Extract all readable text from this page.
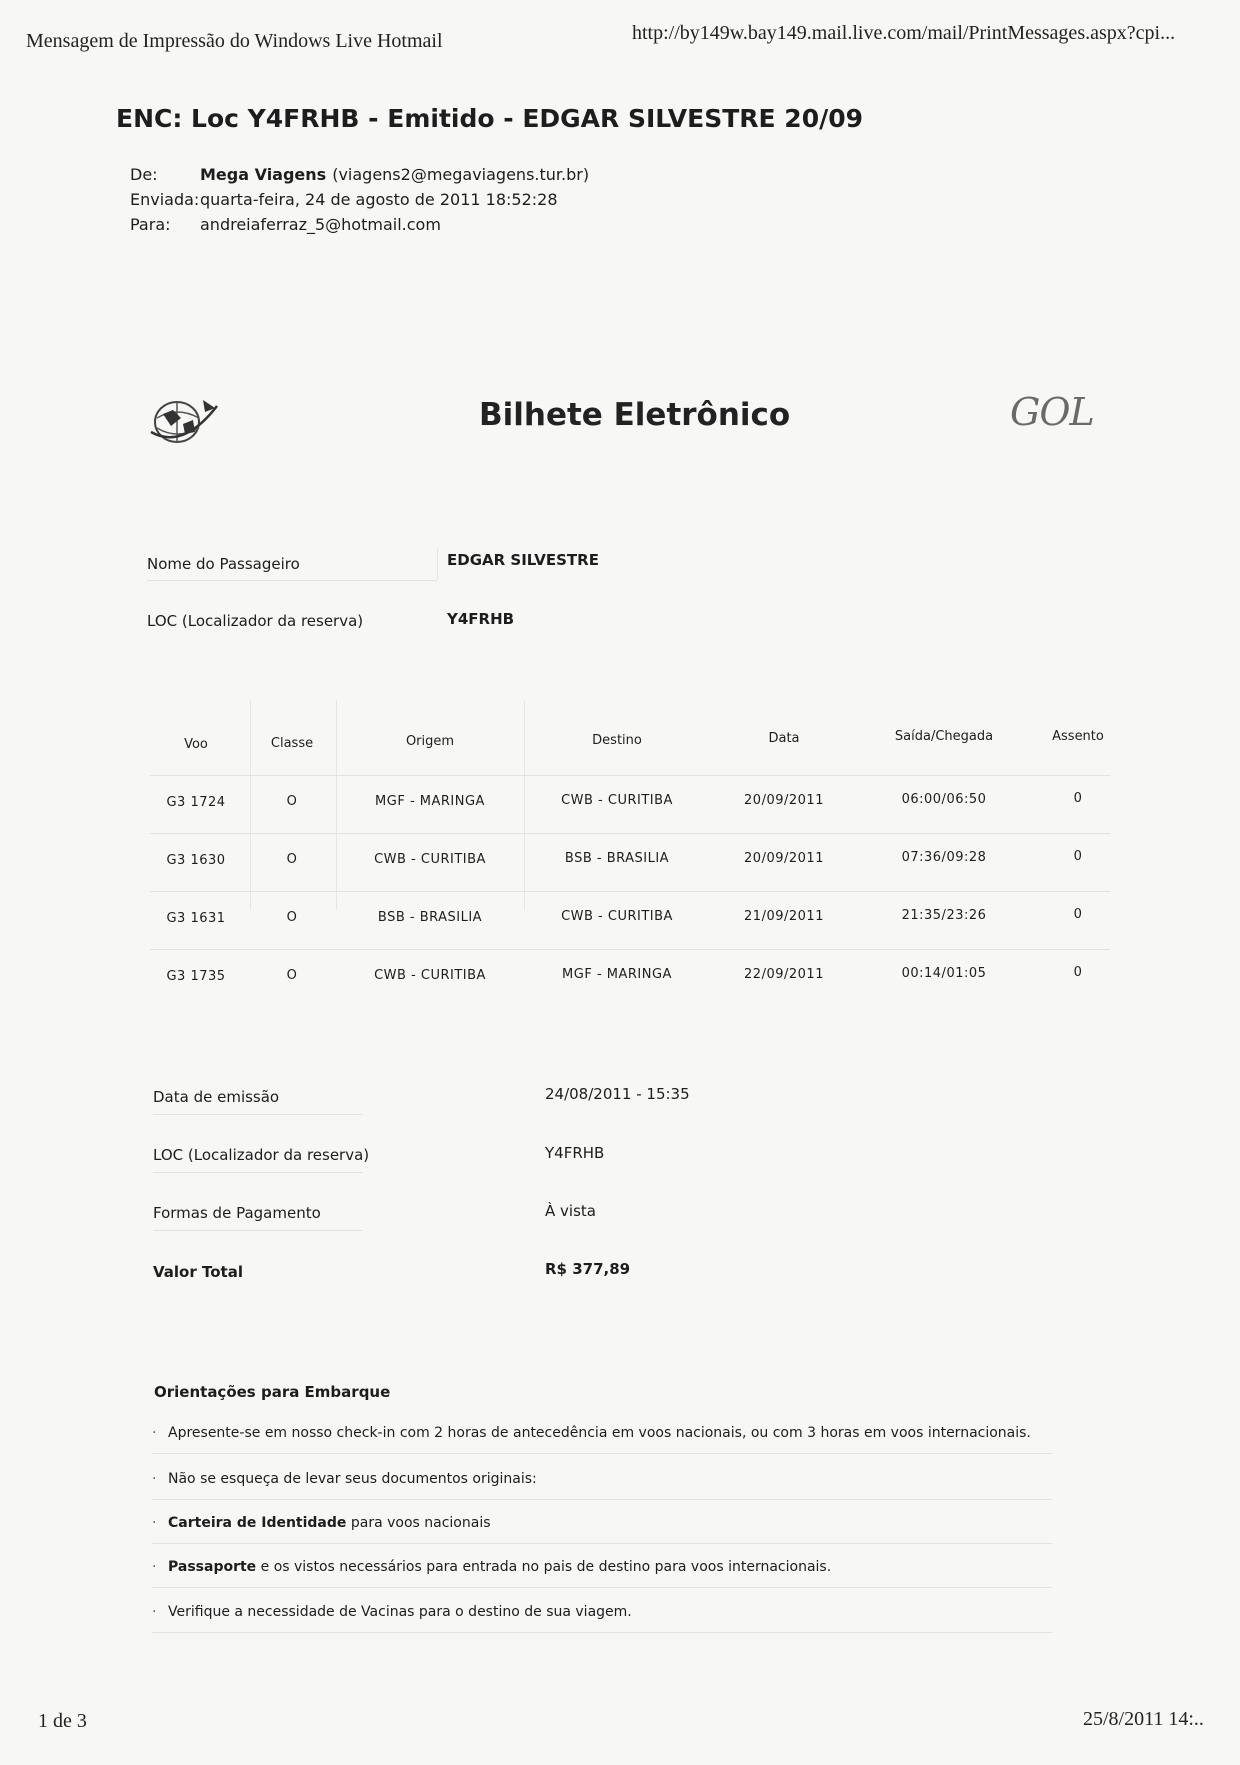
Mensagem de Impressão do Windows Live Hotmail	http://by149w.bay149.mail.live.com/mail/PrintMessages.aspx?cpi...
ENC: Loc Y4FRHB - Emitido - EDGAR SILVESTRE 20/09
De:	Mega Viagens (viagens2@megaviagens.tur.br)
Enviada: quarta-feira, 24 de agosto de 2011 18:52:28
Para:	andreiaferraz_5@hotmail.com
Bilhete Eletrônico	GOL
Nome do Passageiro	EDGAR SILVESTRE
LOC (Localizador da reserva)	Y4FRHB
Voo	Classe	Origem	Destino	Data	Saída/Chegada	Assento
G3 1724	O	MGF - MARINGA	CWB - CURITIBA	20/09/2011	06:00/06:50	0
G3 1630	O	CWB - CURITIBA	BSB - BRASILIA	20/09/2011	07:36/09:28	0
G3 1631	O	BSB - BRASILIA	CWB - CURITIBA	21/09/2011	21:35/23:26	0
G3 1735	O	CWB - CURITIBA	MGF - MARINGA	22/09/2011	00:14/01:05	0
Data de emissão	24/08/2011 - 15:35
LOC (Localizador da reserva)	Y4FRHB
Formas de Pagamento	À vista
Valor Total	R$ 377,89
Orientações para Embarque
· Apresente-se em nosso check-in com 2 horas de antecedência em voos nacionais, ou com 3 horas em voos internacionais.
· Não se esqueça de levar seus documentos originais:
· Carteira de Identidade para voos nacionais
· Passaporte e os vistos necessários para entrada no pais de destino para voos internacionais.
· Verifique a necessidade de Vacinas para o destino de sua viagem.
1 de 3	25/8/2011 14:..
